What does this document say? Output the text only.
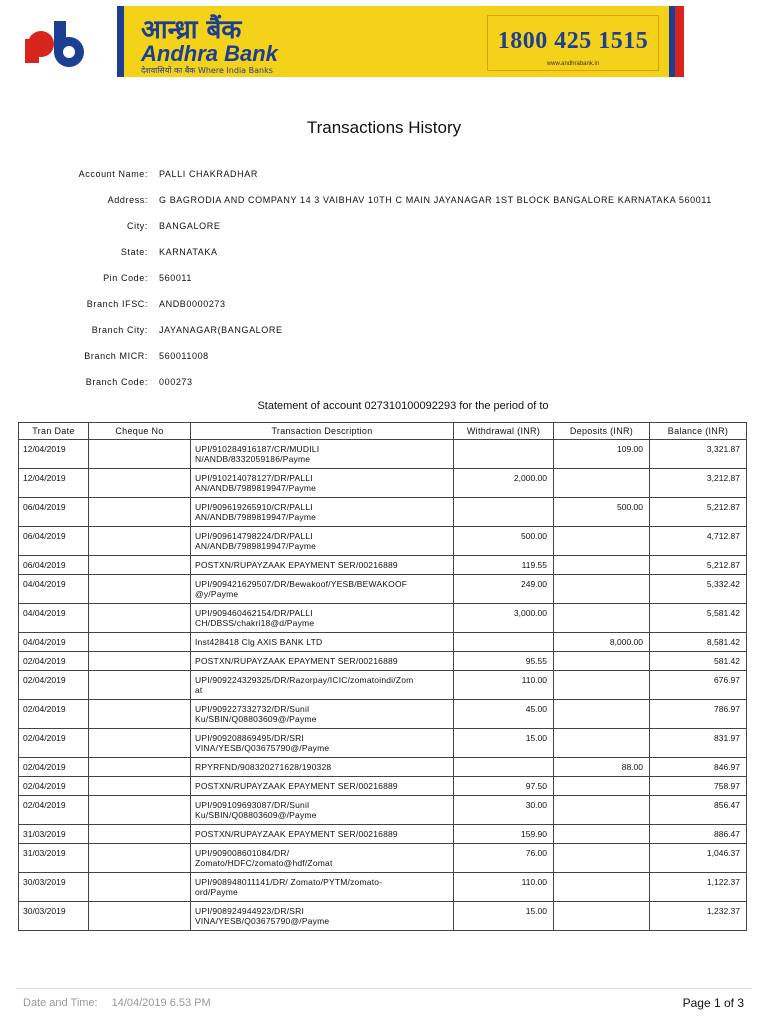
आन्ध्रा बैंक
Andhra Bank
देशवासियों का बैंक Where India Banks
1800 425 1515
www.andhrabank.in
Transactions History
Account Name: PALLI CHAKRADHAR
Address: G BAGRODIA AND COMPANY 14 3 VAIBHAV 10TH C MAIN JAYANAGAR 1ST BLOCK BANGALORE KARNATAKA 560011
City: BANGALORE
State: KARNATAKA
Pin Code: 560011
Branch IFSC: ANDB0000273
Branch City: JAYANAGAR(BANGALORE
Branch MICR: 560011008
Branch Code: 000273
Statement of account 027310100092293 for the period of to
Tran Date	Cheque No	Transaction Description	Withdrawal (INR)	Deposits (INR)	Balance (INR)
12/04/2019		UPI/910284916187/CR/MUDILI
N/ANDB/8332059186/Payme		109.00	3,321.87
12/04/2019		UPI/910214078127/DR/PALLI
AN/ANDB/7989819947/Payme	2,000.00		3,212.87
06/04/2019		UPI/909619265910/CR/PALLI
AN/ANDB/7989819947/Payme		500.00	5,212.87
06/04/2019		UPI/909614798224/DR/PALLI
AN/ANDB/7989819947/Payme	500.00		4,712.87
06/04/2019		POSTXN/RUPAYZAAK EPAYMENT SER/00216889	119.55		5,212.87
04/04/2019		UPI/909421629507/DR/Bewakoof/YESB/BEWAKOOF
@y/Payme	249.00		5,332.42
04/04/2019		UPI/909460462154/DR/PALLI
CH/DBSS/chakri18@d/Payme	3,000.00		5,581.42
04/04/2019		Inst428418 Clg AXIS BANK LTD		8,000.00	8,581.42
02/04/2019		POSTXN/RUPAYZAAK EPAYMENT SER/00216889	95.55		581.42
02/04/2019		UPI/909224329325/DR/Razorpay/ICIC/zomatoindi/Zom
at	110.00		676.97
02/04/2019		UPI/909227332732/DR/Sunil
Ku/SBIN/Q08803609@/Payme	45.00		786.97
02/04/2019		UPI/909208869495/DR/SRI
VINA/YESB/Q03675790@/Payme	15.00		831.97
02/04/2019		RPYRFND/908320271628/190328		88.00	846.97
02/04/2019		POSTXN/RUPAYZAAK EPAYMENT SER/00216889	97.50		758.97
02/04/2019		UPI/909109693087/DR/Sunil
Ku/SBIN/Q08803609@/Payme	30.00		856.47
31/03/2019		POSTXN/RUPAYZAAK EPAYMENT SER/00216889	159.90		886.47
31/03/2019		UPI/909008601084/DR/
Zomato/HDFC/zomato@hdf/Zomat	76.00		1,046.37
30/03/2019		UPI/908948011141/DR/ Zomato/PYTM/zomato-
ord/Payme	110.00		1,122.37
30/03/2019		UPI/908924944923/DR/SRI
VINA/YESB/Q03675790@/Payme	15.00		1,232.37
Date and Time: 14/04/2019 6.53 PM	Page 1 of 3
